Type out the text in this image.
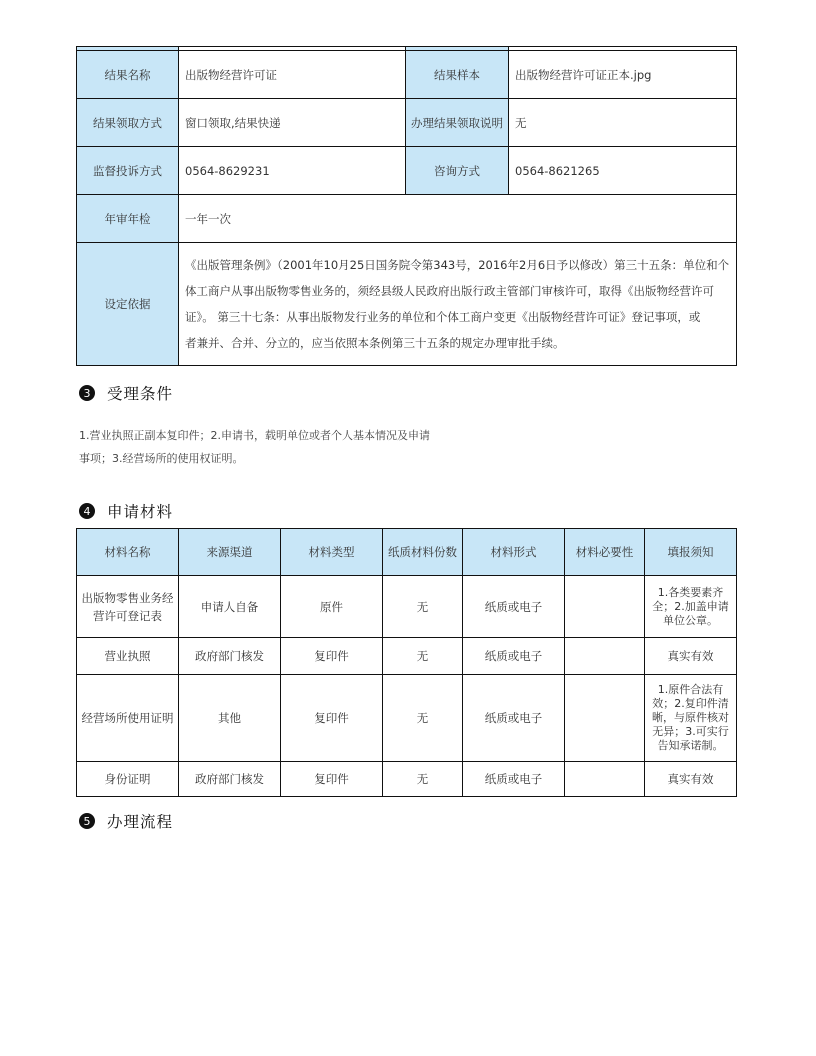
结果名称	出版物经营许可证	结果样本	出版物经营许可证正本.jpg
结果领取方式	窗口领取,结果快递	办理结果领取说明	无
监督投诉方式	0564-8629231	咨询方式	0564-8621265
年审年检	一年一次		
设定依据	《出版管理条例》（2001年10月25日国务院令第343号，2016年2月6日予以修改）第三十五条：单位和个
体工商户从事出版物零售业务的，须经县级人民政府出版行政主管部门审核许可，取得《出版物经营许可
证》。 第三十七条：从事出版物发行业务的单位和个体工商户变更《出版物经营许可证》登记事项，或
者兼并、合并、分立的，应当依照本条例第三十五条的规定办理审批手续。		
3 受理条件
1.营业执照正副本复印件；2.申请书，载明单位或者个人基本情况及申请
事项；3.经营场所的使用权证明。
4 申请材料
材料名称	来源渠道	材料类型	纸质材料份数	材料形式	材料必要性	填报须知
出版物零售业务经营许可登记表	申请人自备	原件	无	纸质或电子		1.各类要素齐全；2.加盖申请单位公章。
营业执照	政府部门核发	复印件	无	纸质或电子		真实有效
经营场所使用证明	其他	复印件	无	纸质或电子		1.原件合法有效；2.复印件清晰，与原件核对无异；3.可实行告知承诺制。
身份证明	政府部门核发	复印件	无	纸质或电子		真实有效
5 办理流程
